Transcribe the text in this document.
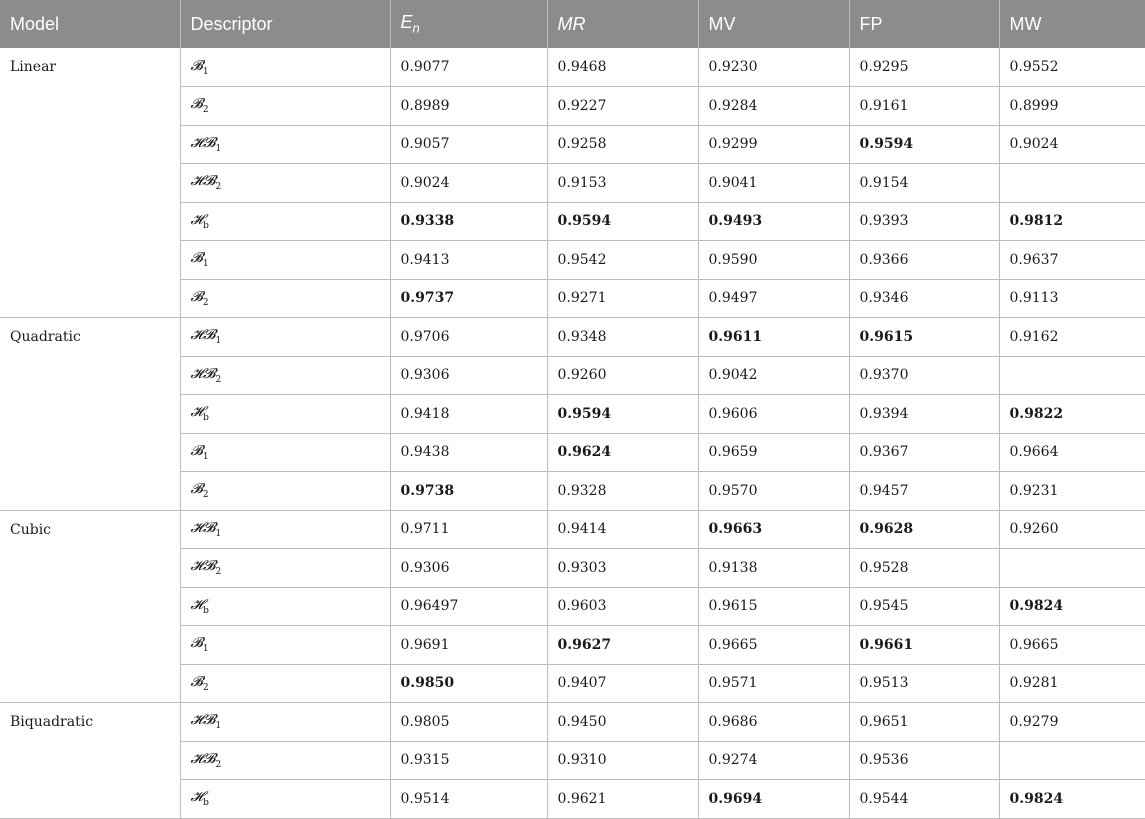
Model	Descriptor	$E_n$	MR	MV	FP	MW
Linear	𝓑$_1$	0.9077	0.9468	0.9230	0.9295	0.9552
	𝓑$_2$	0.8989	0.9227	0.9284	0.9161	0.8999
	𝓗𝓑$_1$	0.9057	0.9258	0.9299	0.9594	0.9024
	𝓗𝓑$_2$	0.9024	0.9153	0.9041	0.9154	
	𝓗$_b$	0.9338	0.9594	0.9493	0.9393	0.9812
	𝓑$_1$	0.9413	0.9542	0.9590	0.9366	0.9637
	𝓑$_2$	0.9737	0.9271	0.9497	0.9346	0.9113
Quadratic	𝓗𝓑$_1$	0.9706	0.9348	0.9611	0.9615	0.9162
	𝓗𝓑$_2$	0.9306	0.9260	0.9042	0.9370	
	𝓗$_b$	0.9418	0.9594	0.9606	0.9394	0.9822
	𝓑$_1$	0.9438	0.9624	0.9659	0.9367	0.9664
	𝓑$_2$	0.9738	0.9328	0.9570	0.9457	0.9231
Cubic	𝓗𝓑$_1$	0.9711	0.9414	0.9663	0.9628	0.9260
	𝓗𝓑$_2$	0.9306	0.9303	0.9138	0.9528	
	𝓗$_b$	0.96497	0.9603	0.9615	0.9545	0.9824
	𝓑$_1$	0.9691	0.9627	0.9665	0.9661	0.9665
	𝓑$_2$	0.9850	0.9407	0.9571	0.9513	0.9281
Biquadratic	𝓗𝓑$_1$	0.9805	0.9450	0.9686	0.9651	0.9279
	𝓗𝓑$_2$	0.9315	0.9310	0.9274	0.9536	
	𝓗$_b$	0.9514	0.9621	0.9694	0.9544	0.9824
